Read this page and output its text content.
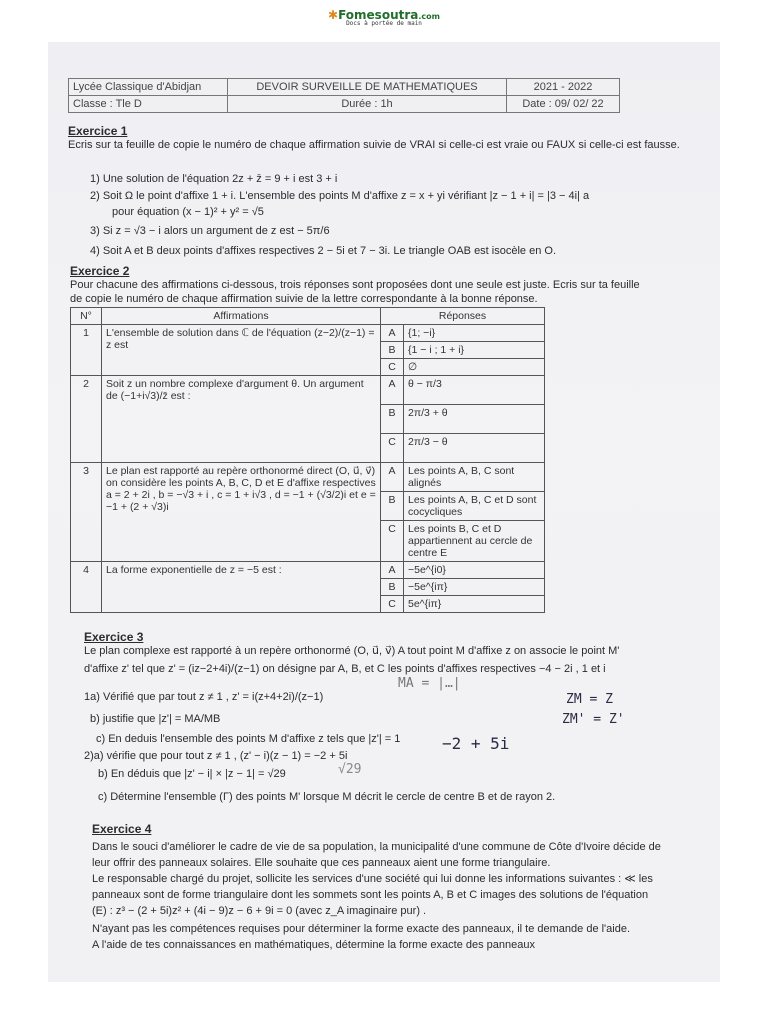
✱Fomesoutra.com
Docs à portée de main
Lycée Classique d'Abidjan	DEVOIR SURVEILLE DE MATHEMATIQUES	2021 - 2022
Classe : Tle D	Durée : 1h	Date : 09/ 02/ 22
Exercice 1
Ecris sur ta feuille de copie le numéro de chaque affirmation suivie de VRAI si celle-ci est vraie ou FAUX si celle-ci est fausse.
1) Une solution de l'équation 2z + z̄ = 9 + i est 3 + i
2) Soit Ω le point d'affixe 1 + i. L'ensemble des points M d'affixe z = x + yi vérifiant |z − 1 + i| = |3 − 4i| a
pour équation (x − 1)² + y² = √5
3) Si z = √3 − i alors un argument de z est − 5π/6
4) Soit A et B deux points d'affixes respectives 2 − 5i et 7 − 3i. Le triangle OAB est isocèle en O.
Exercice 2
Pour chacune des affirmations ci-dessous, trois réponses sont proposées dont une seule est juste. Ecris sur ta feuille
de copie le numéro de chaque affirmation suivie de la lettre correspondante à la bonne réponse.
N°	Affirmations	Réponses	
1	L'ensemble de solution dans ℂ de l'équation (z−2)/(z−1) = z est	A	{1; −i}
		B	{1 − i ; 1 + i}
		C	∅
2	Soit z un nombre complexe d'argument θ. Un argument de (−1+i√3)/z̄ est :	A	θ − π/3
		B	2π/3 + θ
		C	2π/3 − θ
3	Le plan est rapporté au repère orthonormé direct (O, u⃗, v⃗) on considère les points A, B, C, D et E d'affixe respectives a = 2 + 2i , b = −√3 + i , c = 1 + i√3 , d = −1 + (√3/2)i et e = −1 + (2 + √3)i	A	Les points A, B, C sont alignés
		B	Les points A, B, C et D sont cocycliques
		C	Les points B, C et D appartiennent au cercle de centre E
4	La forme exponentielle de z = −5 est :	A	−5e^{i0}
		B	−5e^{iπ}
		C	5e^{iπ}
Exercice 3
Le plan complexe est rapporté à un repère orthonormé (O, u⃗, v⃗) A tout point M d'affixe z on associe le point M'
d'affixe z' tel que z' = (iz−2+4i)/(z−1) on désigne par A, B, et C les points d'affixes respectives −4 − 2i , 1 et i
1a) Vérifié que par tout z ≠ 1 , z' = i(z+4+2i)/(z−1)
b) justifie que |z'| = MA/MB
c) En deduis l'ensemble des points M d'affixe z tels que |z'| = 1
2)a) vérifie que pour tout z ≠ 1 , (z' − i)(z − 1) = −2 + 5i
b) En déduis que |z' − i| × |z − 1| = √29
c) Détermine l'ensemble (Γ) des points M' lorsque M décrit le cercle de centre B et de rayon 2.
ZM = Z
ZM' = Z'
−2 + 5i
MA = |…|
√29
Exercice 4
Dans le souci d'améliorer le cadre de vie de sa population, la municipalité d'une commune de Côte d'Ivoire décide de
leur offrir des panneaux solaires. Elle souhaite que ces panneaux aient une forme triangulaire.
Le responsable chargé du projet, sollicite les services d'une société qui lui donne les informations suivantes : ≪ les
panneaux sont de forme triangulaire dont les sommets sont les points A, B et C images des solutions de l'équation
(E) : z³ − (2 + 5i)z² + (4i − 9)z − 6 + 9i = 0 (avec z_A imaginaire pur) .
N'ayant pas les compétences requises pour déterminer la forme exacte des panneaux, il te demande de l'aide.
A l'aide de tes connaissances en mathématiques, détermine la forme exacte des panneaux
